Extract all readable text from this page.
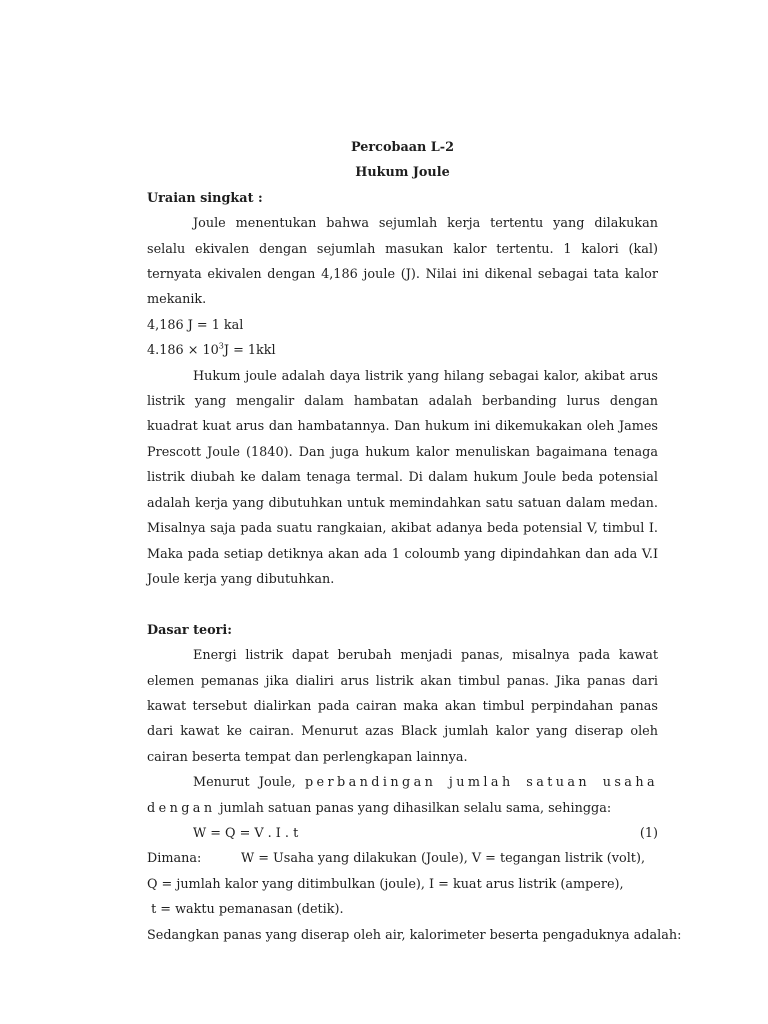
Percobaan L-2
Hukum Joule
Uraian singkat :
Joule menentukan bahwa sejumlah kerja tertentu yang dilakukan selalu ekivalen dengan sejumlah masukan kalor tertentu. 1 kalori (kal) ternyata ekivalen dengan 4,186 joule (J). Nilai ini dikenal sebagai tata kalor mekanik.
4,186 J = 1 kal
$4.186 \times 10^3J = 1kkl$
Hukum joule adalah daya listrik yang hilang sebagai kalor, akibat arus listrik yang mengalir dalam hambatan adalah berbanding lurus dengan kuadrat kuat arus dan hambatannya. Dan hukum ini dikemukakan oleh James Prescott Joule (1840). Dan juga hukum kalor menuliskan bagaimana tenaga listrik diubah ke dalam tenaga termal. Di dalam hukum Joule beda potensial adalah kerja yang dibutuhkan untuk memindahkan satu satuan dalam medan. Misalnya saja pada suatu rangkaian, akibat adanya beda potensial V, timbul I. Maka pada setiap detiknya akan ada 1 coloumb yang dipindahkan dan ada V.I Joule kerja yang dibutuhkan.
Dasar teori:
Energi listrik dapat berubah menjadi panas, misalnya pada kawat elemen pemanas jika dialiri arus listrik akan timbul panas. Jika panas dari kawat tersebut dialirkan pada cairan maka akan timbul perpindahan panas dari kawat ke cairan. Menurut azas Black jumlah kalor yang diserap oleh cairan beserta tempat dan perlengkapan lainnya.
Menurut Joule, perbandingan jumlah satuan usaha dengan jumlah satuan panas yang dihasilkan selalu sama, sehingga:
W = Q = V . I . t	(1)
Dimana:	W = Usaha yang dilakukan (Joule), V = tegangan listrik (volt),
Q = jumlah kalor yang ditimbulkan (joule), I = kuat arus listrik (ampere),
t = waktu pemanasan (detik).
Sedangkan panas yang diserap oleh air, kalorimeter beserta pengaduknya adalah:
